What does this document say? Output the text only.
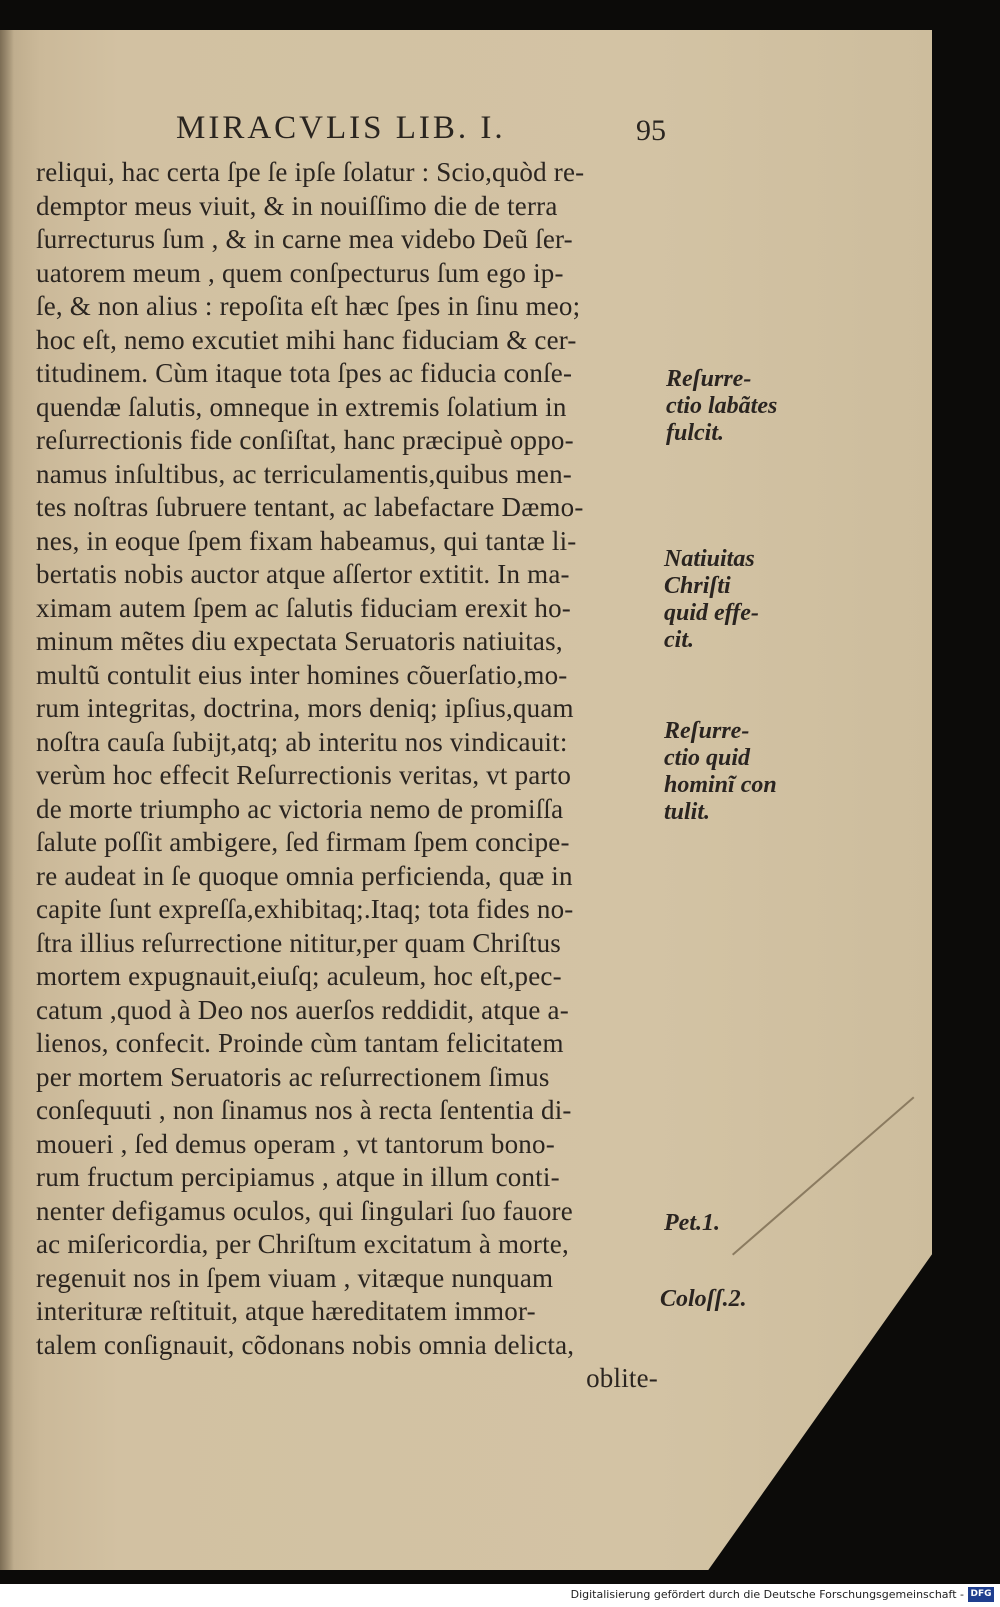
MIRACVLIS LIB. I.	95
reliqui, hac certa ſpe ſe ipſe ſolatur : Scio,quòd re-
demptor meus viuit, & in nouiſſimo die de terra
ſurrecturus ſum , & in carne mea videbo Deũ ſer-
uatorem meum , quem conſpecturus ſum ego ip-
ſe, & non alius : repoſita eſt hæc ſpes in ſinu meo;
hoc eſt, nemo excutiet mihi hanc fiduciam & cer-
titudinem. Cùm itaque tota ſpes ac fiducia conſe-
quendæ ſalutis, omneque in extremis ſolatium in
reſurrectionis fide conſiſtat, hanc præcipuè oppo-
namus inſultibus, ac terriculamentis,quibus men-
tes noſtras ſubruere tentant, ac labefactare Dæmo-
nes, in eoque ſpem fixam habeamus, qui tantæ li-
bertatis nobis auctor atque aſſertor extitit. In ma-
ximam autem ſpem ac ſalutis fiduciam erexit ho-
minum mẽtes diu expectata Seruatoris natiuitas,
multũ contulit eius inter homines cõuerſatio,mo-
rum integritas, doctrina, mors deniq; ipſius,quam
noſtra cauſa ſubijt,atq; ab interitu nos vindicauit:
verùm hoc effecit Reſurrectionis veritas, vt parto
de morte triumpho ac victoria nemo de promiſſa
ſalute poſſit ambigere, ſed firmam ſpem concipe-
re audeat in ſe quoque omnia perficienda, quæ in
capite ſunt expreſſa,exhibitaq;.Itaq; tota fides no-
ſtra illius reſurrectione nititur,per quam Chriſtus
mortem expugnauit,eiuſq; aculeum, hoc eſt,pec-
catum ,quod à Deo nos auerſos reddidit, atque a-
lienos, confecit. Proinde cùm tantam felicitatem
per mortem Seruatoris ac reſurrectionem ſimus
conſequuti , non ſinamus nos à recta ſententia di-
moueri , ſed demus operam , vt tantorum bono-
rum fructum percipiamus , atque in illum conti-
nenter defigamus oculos, qui ſingulari ſuo fauore
ac miſericordia, per Chriſtum excitatum à morte,
regenuit nos in ſpem viuam , vitæque nunquam
interituræ reſtituit, atque hæreditatem immor-
talem conſignauit, cõdonans nobis omnia delicta,
oblite-
Reſurre-
ctio labãtes
fulcit.
Natiuitas
Chriſti
quid effe-
cit.
Reſurre-
ctio quid
hominĩ con
tulit.
Pet.1.
Coloſſ.2.
Digitalisierung gefördert durch die Deutsche Forschungsgemeinschaft - DFG
